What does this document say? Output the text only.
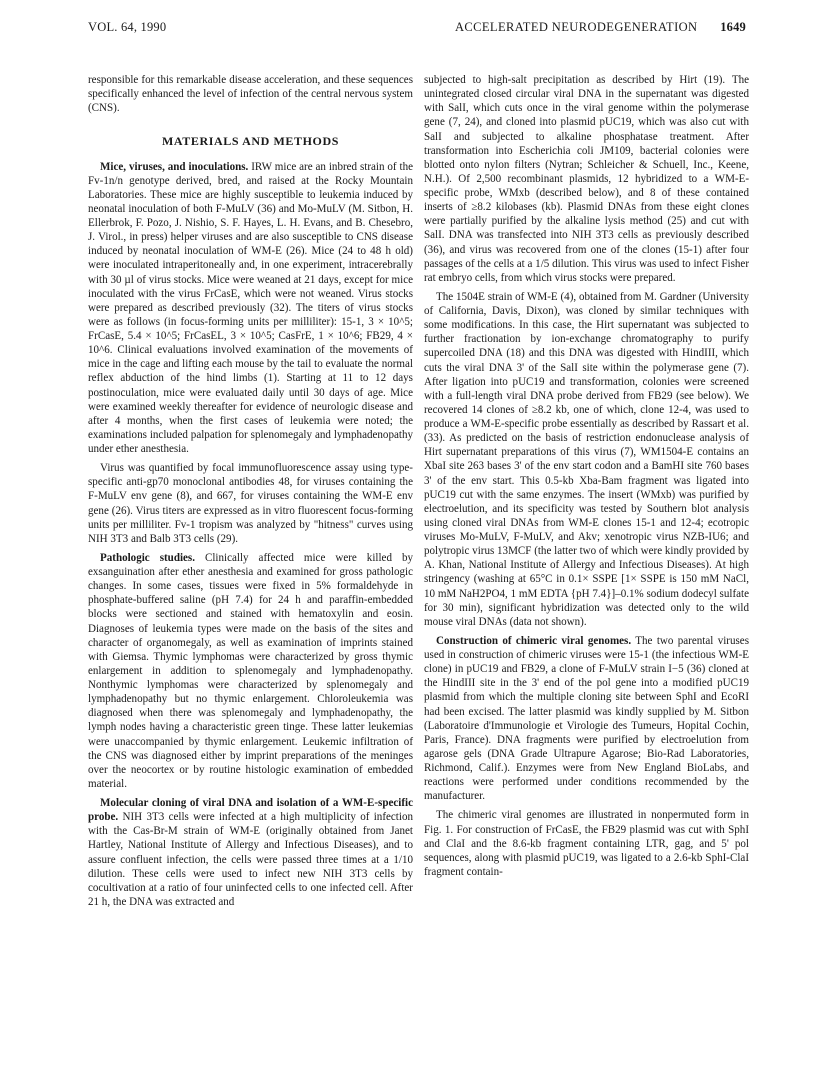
VOL. 64, 1990	ACCELERATED NEURODEGENERATION 1649

responsible for this remarkable disease acceleration, and these sequences specifically enhanced the level of infection of the central nervous system (CNS).

MATERIALS AND METHODS

Mice, viruses, and inoculations. IRW mice are an inbred strain of the Fv-1n/n genotype derived, bred, and raised at the Rocky Mountain Laboratories. These mice are highly susceptible to leukemia induced by neonatal inoculation of both F-MuLV (36) and Mo-MuLV (M. Sitbon, H. Ellerbrok, F. Pozo, J. Nishio, S. F. Hayes, L. H. Evans, and B. Chesebro, J. Virol., in press) helper viruses and are also susceptible to CNS disease induced by neonatal inoculation of WM-E (26). Mice (24 to 48 h old) were inoculated intraperitoneally and, in one experiment, intracerebrally with 30 µl of virus stocks. Mice were weaned at 21 days, except for mice inoculated with the virus FrCasE, which were not weaned. Virus stocks were prepared as described previously (32). The titers of virus stocks were as follows (in focus-forming units per milliliter): 15-1, 3 × 10^5; FrCasE, 5.4 × 10^5; FrCasEL, 3 × 10^5; CasFrE, 1 × 10^6; FB29, 4 × 10^6. Clinical evaluations involved examination of the movements of mice in the cage and lifting each mouse by the tail to evaluate the normal reflex abduction of the hind limbs (1). Starting at 11 to 12 days postinoculation, mice were evaluated daily until 30 days of age. Mice were examined weekly thereafter for evidence of neurologic disease and after 4 months, when the first cases of leukemia were noted; the examinations included palpation for splenomegaly and lymphadenopathy under ether anesthesia.

Virus was quantified by focal immunofluorescence assay using type-specific anti-gp70 monoclonal antibodies 48, for viruses containing the F-MuLV env gene (8), and 667, for viruses containing the WM-E env gene (26). Virus titers are expressed as in vitro fluorescent focus-forming units per milliliter. Fv-1 tropism was analyzed by "hitness" curves using NIH 3T3 and Balb 3T3 cells (29).

Pathologic studies. Clinically affected mice were killed by exsanguination after ether anesthesia and examined for gross pathologic changes. In some cases, tissues were fixed in 5% formaldehyde in phosphate-buffered saline (pH 7.4) for 24 h and paraffin-embedded blocks were sectioned and stained with hematoxylin and eosin. Diagnoses of leukemia types were made on the basis of the sites and character of organomegaly, as well as examination of imprints stained with Giemsa. Thymic lymphomas were characterized by gross thymic enlargement in addition to splenomegaly and lymphadenopathy. Nonthymic lymphomas were characterized by splenomegaly and lymphadenopathy but no thymic enlargement. Chloroleukemia was diagnosed when there was splenomegaly and lymphadenopathy, the lymph nodes having a characteristic green tinge. These latter leukemias were unaccompanied by thymic enlargement. Leukemic infiltration of the CNS was diagnosed either by imprint preparations of the meninges over the neocortex or by routine histologic examination of embedded material.

Molecular cloning of viral DNA and isolation of a WM-E-specific probe. NIH 3T3 cells were infected at a high multiplicity of infection with the Cas-Br-M strain of WM-E (originally obtained from Janet Hartley, National Institute of Allergy and Infectious Diseases), and to assure confluent infection, the cells were passed three times at a 1/10 dilution. These cells were used to infect new NIH 3T3 cells by cocultivation at a ratio of four uninfected cells to one infected cell. After 21 h, the DNA was extracted and

subjected to high-salt precipitation as described by Hirt (19). The unintegrated closed circular viral DNA in the supernatant was digested with SalI, which cuts once in the viral genome within the polymerase gene (7, 24), and cloned into plasmid pUC19, which was also cut with SalI and subjected to alkaline phosphatase treatment. After transformation into Escherichia coli JM109, bacterial colonies were blotted onto nylon filters (Nytran; Schleicher & Schuell, Inc., Keene, N.H.). Of 2,500 recombinant plasmids, 12 hybridized to a WM-E-specific probe, WMxb (described below), and 8 of these contained inserts of ≥8.2 kilobases (kb). Plasmid DNAs from these eight clones were partially purified by the alkaline lysis method (25) and cut with SalI. DNA was transfected into NIH 3T3 cells as previously described (36), and virus was recovered from one of the clones (15-1) after four passages of the cells at a 1/5 dilution. This virus was used to infect Fisher rat embryo cells, from which virus stocks were prepared.

The 1504E strain of WM-E (4), obtained from M. Gardner (University of California, Davis, Dixon), was cloned by similar techniques with some modifications. In this case, the Hirt supernatant was subjected to further fractionation by ion-exchange chromatography to purify supercoiled DNA (18) and this DNA was digested with HindIII, which cuts the viral DNA 3' of the SalI site within the polymerase gene (7). After ligation into pUC19 and transformation, colonies were screened with a full-length viral DNA probe derived from FB29 (see below). We recovered 14 clones of ≥8.2 kb, one of which, clone 12-4, was used to produce a WM-E-specific probe essentially as described by Rassart et al. (33). As predicted on the basis of restriction endonuclease analysis of Hirt supernatant preparations of this virus (7), WM1504-E contains an XbaI site 263 bases 3' of the env start codon and a BamHI site 760 bases 3' of the env start. This 0.5-kb Xba-Bam fragment was ligated into pUC19 cut with the same enzymes. The insert (WMxb) was purified by electroelution, and its specificity was tested by Southern blot analysis using cloned viral DNAs from WM-E clones 15-1 and 12-4; ecotropic viruses Mo-MuLV, F-MuLV, and Akv; xenotropic virus NZB-IU6; and polytropic virus 13MCF (the latter two of which were kindly provided by A. Khan, National Institute of Allergy and Infectious Diseases). At high stringency (washing at 65°C in 0.1× SSPE [1× SSPE is 150 mM NaCl, 10 mM NaH2PO4, 1 mM EDTA {pH 7.4}]–0.1% sodium dodecyl sulfate for 30 min), significant hybridization was detected only to the wild mouse viral DNAs (data not shown).

Construction of chimeric viral genomes. The two parental viruses used in construction of chimeric viruses were 15-1 (the infectious WM-E clone) in pUC19 and FB29, a clone of F-MuLV strain I−5 (36) cloned at the HindIII site in the 3' end of the pol gene into a modified pUC19 plasmid from which the multiple cloning site between SphI and EcoRI had been excised. The latter plasmid was kindly supplied by M. Sitbon (Laboratoire d'Immunologie et Virologie des Tumeurs, Hopital Cochin, Paris, France). DNA fragments were purified by electroelution from agarose gels (DNA Grade Ultrapure Agarose; Bio-Rad Laboratories, Richmond, Calif.). Enzymes were from New England BioLabs, and reactions were performed under conditions recommended by the manufacturer.

The chimeric viral genomes are illustrated in nonpermuted form in Fig. 1. For construction of FrCasE, the FB29 plasmid was cut with SphI and ClaI and the 8.6-kb fragment containing LTR, gag, and 5' pol sequences, along with plasmid pUC19, was ligated to a 2.6-kb SphI-ClaI fragment contain-
